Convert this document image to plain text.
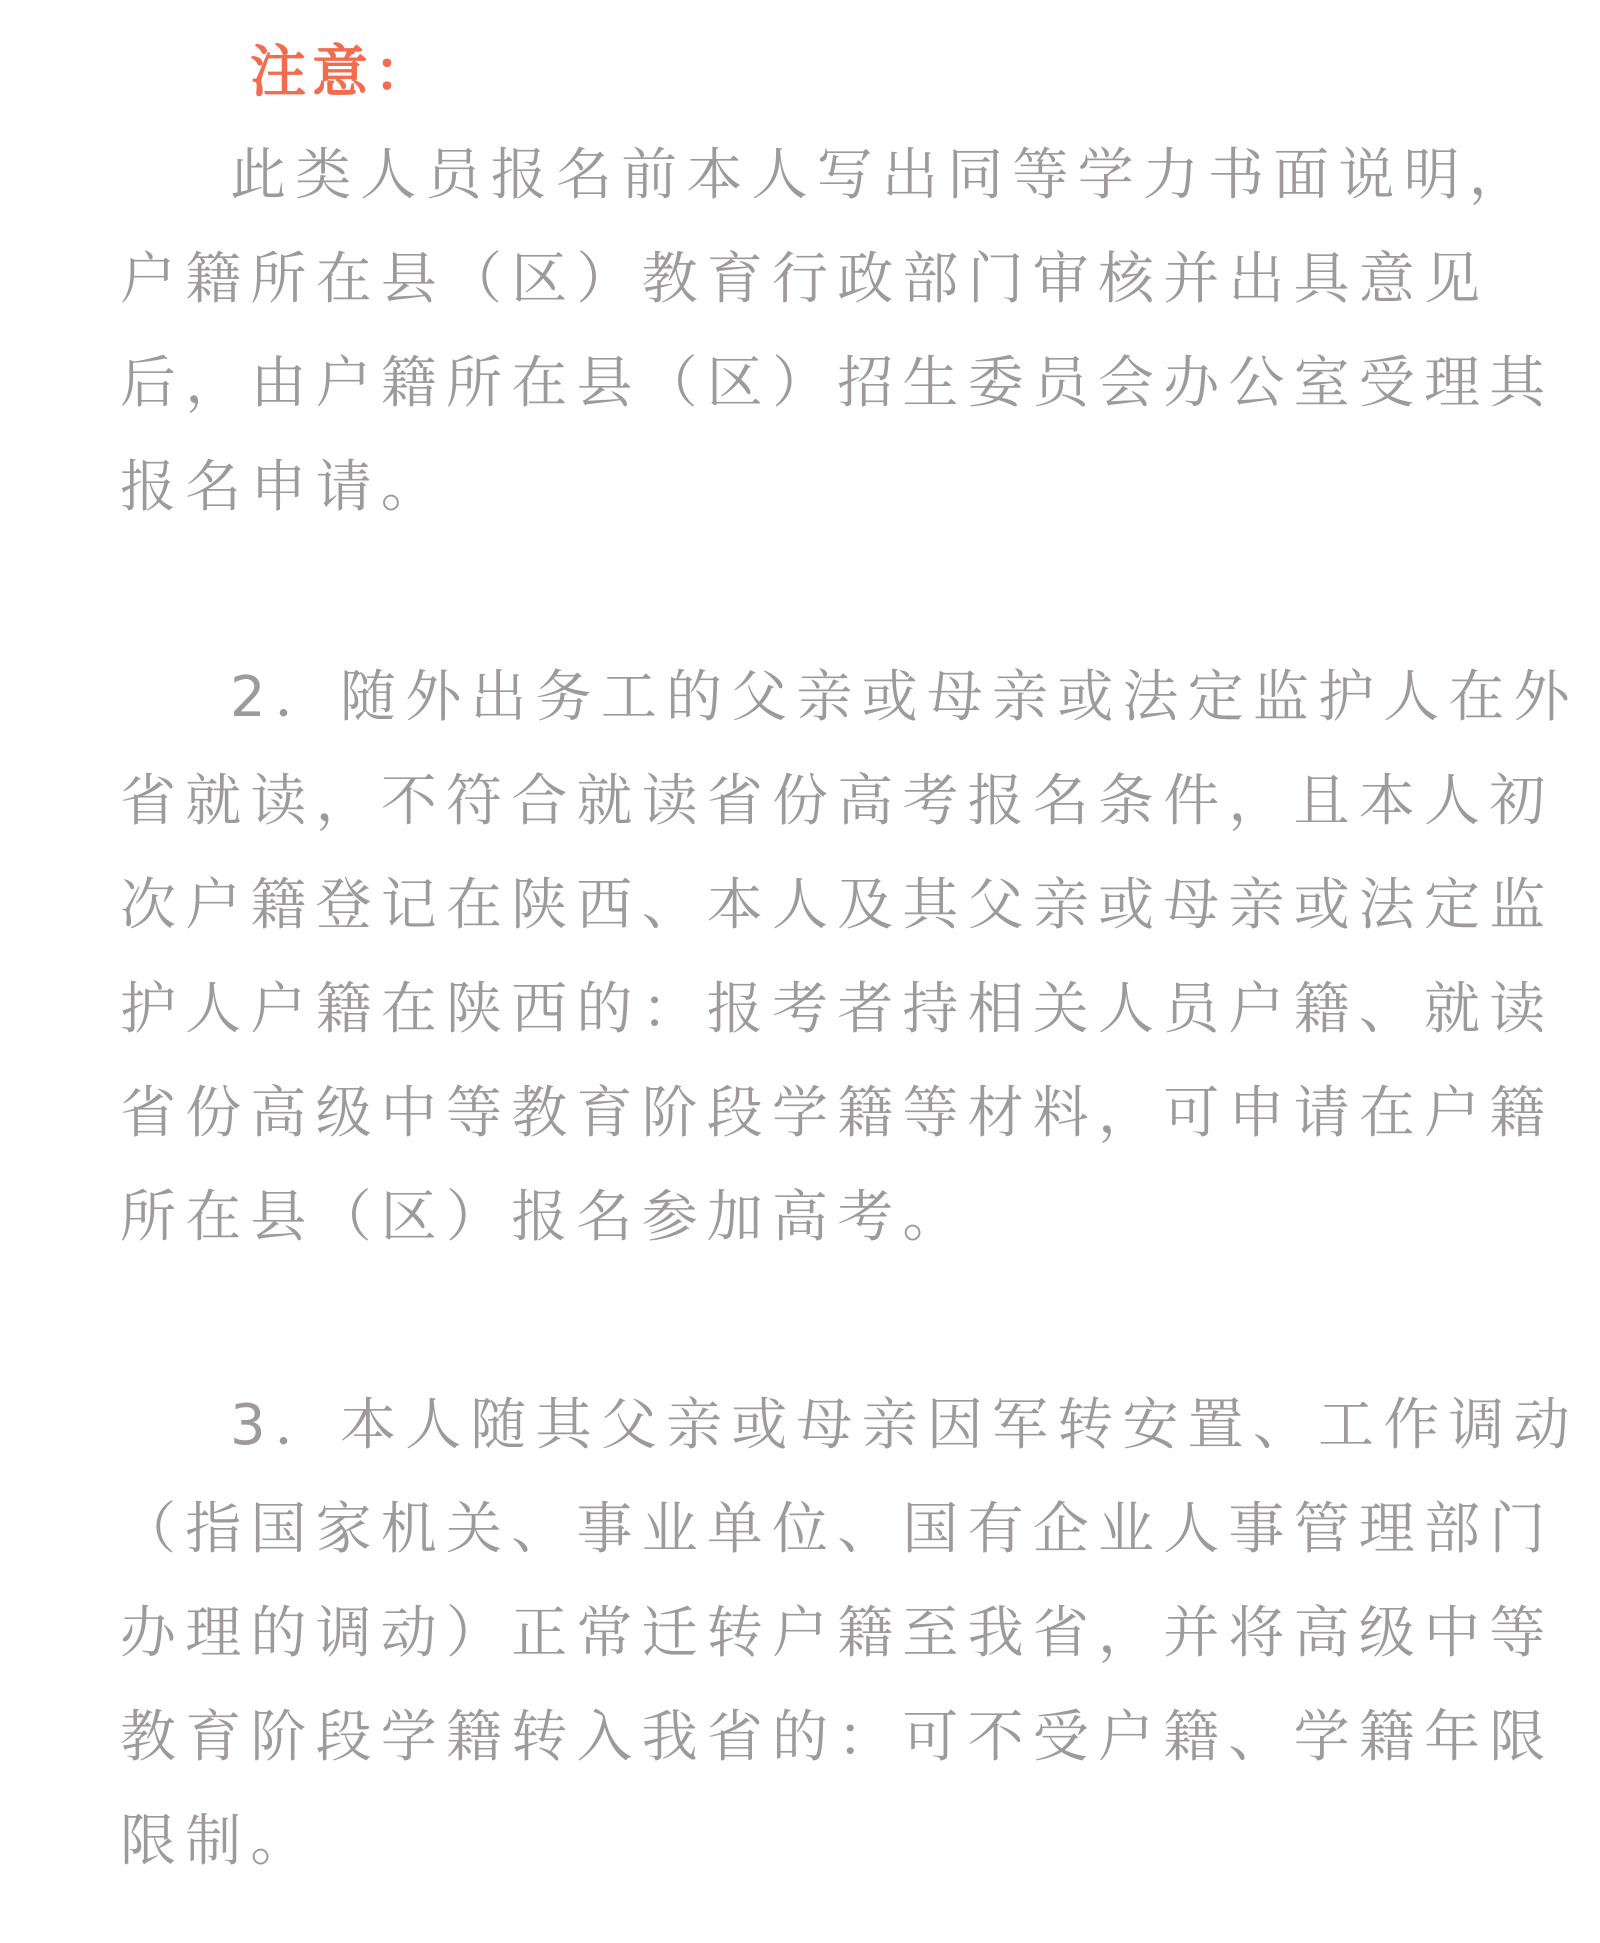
注意：
此类人员报名前本人写出同等学力书面说明，
户籍所在县（区）教育行政部门审核并出具意见
后，由户籍所在县（区）招生委员会办公室受理其
报名申请。
2．随外出务工的父亲或母亲或法定监护人在外
省就读，不符合就读省份高考报名条件，且本人初
次户籍登记在陕西、本人及其父亲或母亲或法定监
护人户籍在陕西的：报考者持相关人员户籍、就读
省份高级中等教育阶段学籍等材料，可申请在户籍
所在县（区）报名参加高考。
3．本人随其父亲或母亲因军转安置、工作调动
（指国家机关、事业单位、国有企业人事管理部门
办理的调动）正常迁转户籍至我省，并将高级中等
教育阶段学籍转入我省的：可不受户籍、学籍年限
限制。
